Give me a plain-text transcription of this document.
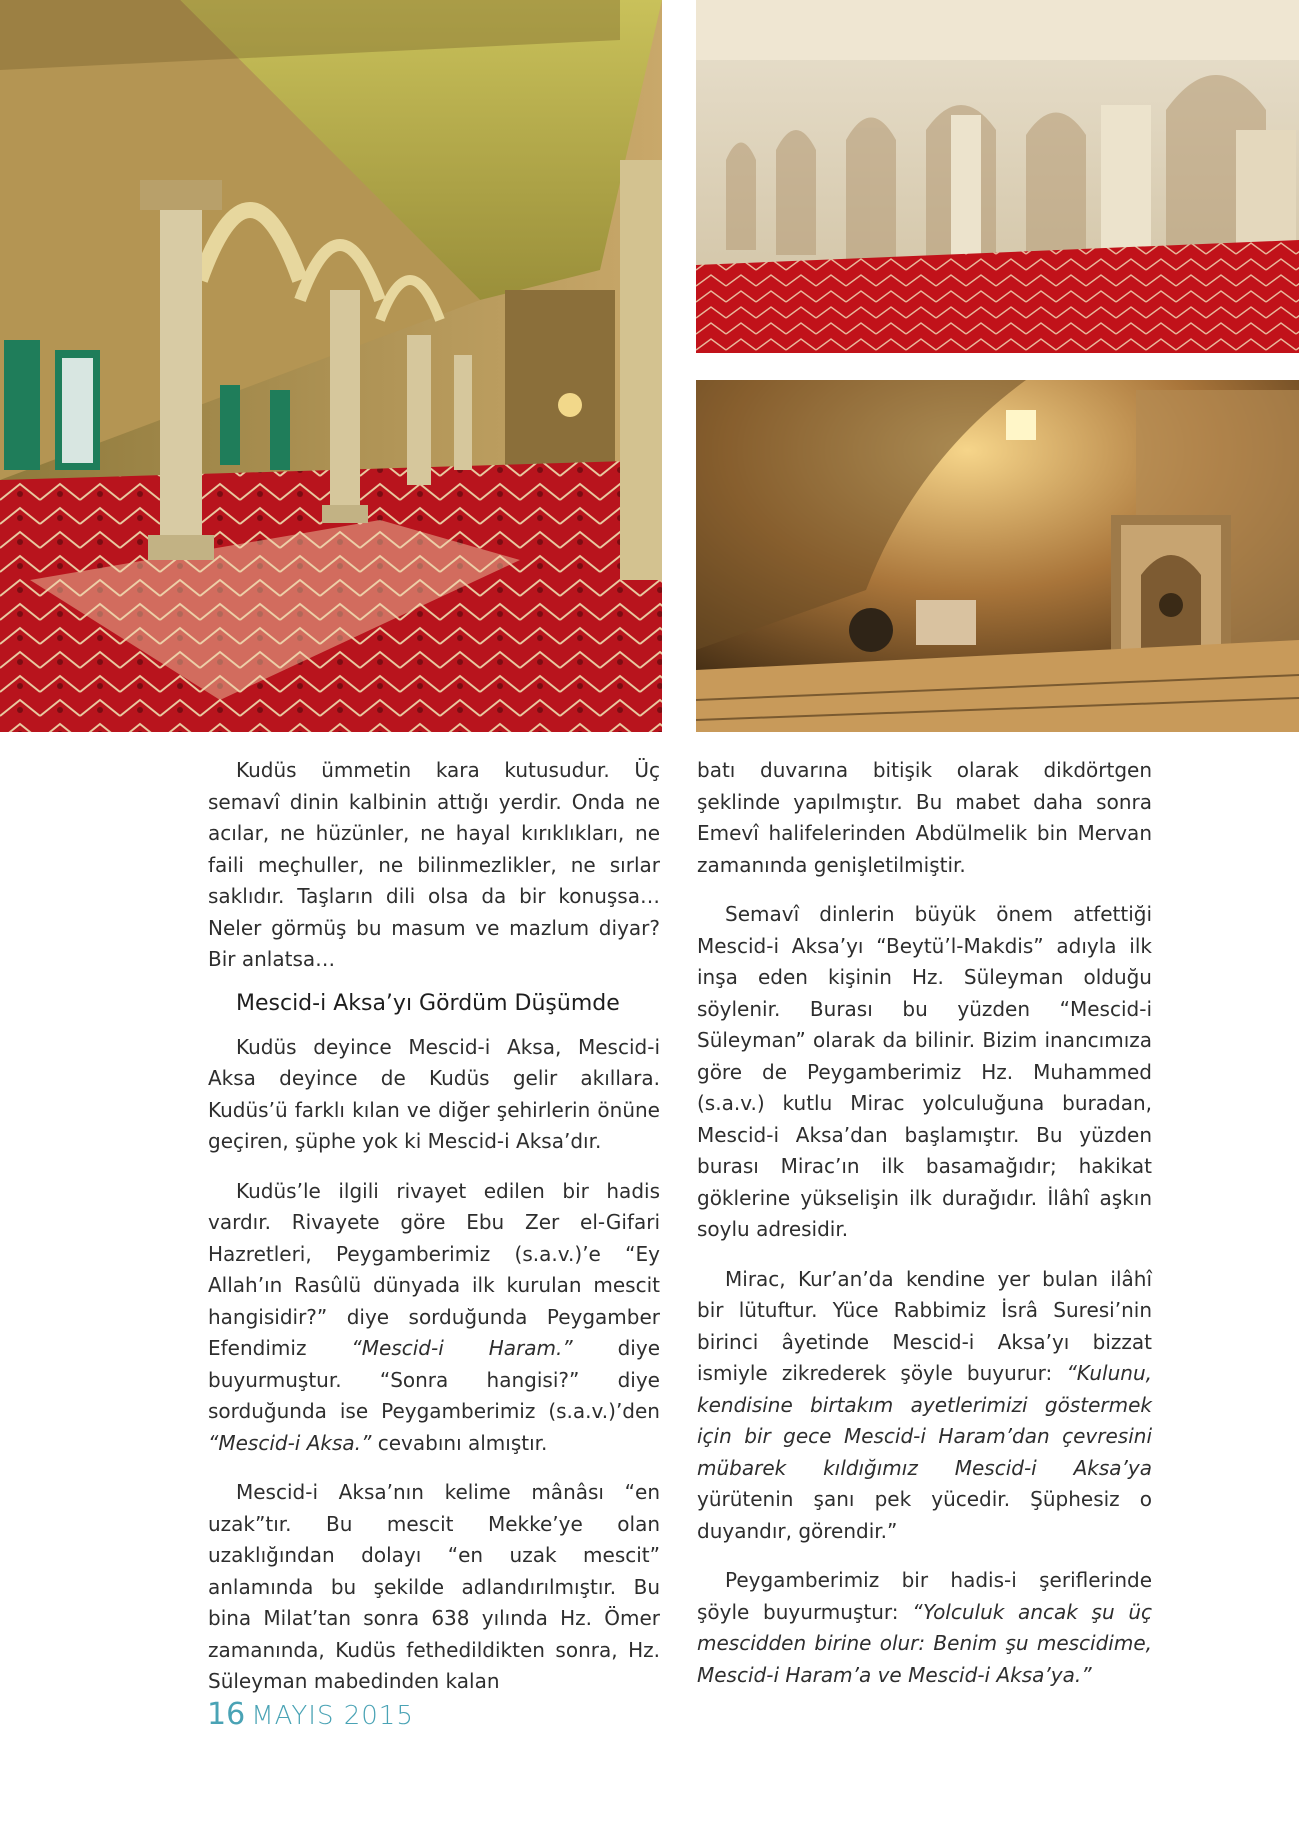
Kudüs ümmetin kara kutusudur. Üç semavî dinin kalbinin attığı yerdir. Onda ne acılar, ne hüzünler, ne hayal kırıklıkları, ne faili meçhuller, ne bilinmezlikler, ne sırlar saklıdır. Taşların dili olsa da bir konuşsa… Neler görmüş bu masum ve mazlum diyar? Bir anlatsa…

Mescid-i Aksa’yı Gördüm Düşümde

Kudüs deyince Mescid-i Aksa, Mescid-i Aksa deyince de Kudüs gelir akıllara. Kudüs’ü farklı kılan ve diğer şehirlerin önüne geçiren, şüphe yok ki Mescid-i Aksa’dır.

Kudüs’le ilgili rivayet edilen bir hadis vardır. Rivayete göre Ebu Zer el-Gifari Hazretleri, Peygamberimiz (s.a.v.)’e “Ey Allah’ın Rasûlü dünyada ilk kurulan mescit hangisidir?” diye sorduğunda Peygamber Efendimiz “Mescid-i Haram.” diye buyurmuştur. “Sonra hangisi?” diye sorduğunda ise Peygamberimiz (s.a.v.)’den “Mescid-i Aksa.” cevabını almıştır.

Mescid-i Aksa’nın kelime mânâsı “en uzak”tır. Bu mescit Mekke’ye olan uzaklığından dolayı “en uzak mescit” anlamında bu şekilde adlandırılmıştır. Bu bina Milat’tan sonra 638 yılında Hz. Ömer zamanında, Kudüs fethedildikten sonra, Hz. Süleyman mabedinden kalan

batı duvarına bitişik olarak dikdörtgen şeklinde yapılmıştır. Bu mabet daha sonra Emevî halifelerinden Abdülmelik bin Mervan zamanında genişletilmiştir.

Semavî dinlerin büyük önem atfettiği Mescid-i Aksa’yı “Beytü’l-Makdis” adıyla ilk inşa eden kişinin Hz. Süleyman olduğu söylenir. Burası bu yüzden “Mescid-i Süleyman” olarak da bilinir. Bizim inancımıza göre de Peygamberimiz Hz. Muhammed (s.a.v.) kutlu Mirac yolculuğuna buradan, Mescid-i Aksa’dan başlamıştır. Bu yüzden burası Mirac’ın ilk basamağıdır; hakikat göklerine yükselişin ilk durağıdır. İlâhî aşkın soylu adresidir.

Mirac, Kur’an’da kendine yer bulan ilâhî bir lütuftur. Yüce Rabbimiz İsrâ Suresi’nin birinci âyetinde Mescid-i Aksa’yı bizzat ismiyle zikrederek şöyle buyurur: “Kulunu, kendisine birtakım ayetlerimizi göstermek için bir gece Mescid-i Haram’dan çevresini mübarek kıldığımız Mescid-i Aksa’ya yürütenin şanı pek yücedir. Şüphesiz o duyandır, görendir.”

Peygamberimiz bir hadis-i şeriflerinde şöyle buyurmuştur: “Yolculuk ancak şu üç mescidden birine olur: Benim şu mescidime, Mescid-i Haram’a ve Mescid-i Aksa’ya.”

16 MAYIS 2015
